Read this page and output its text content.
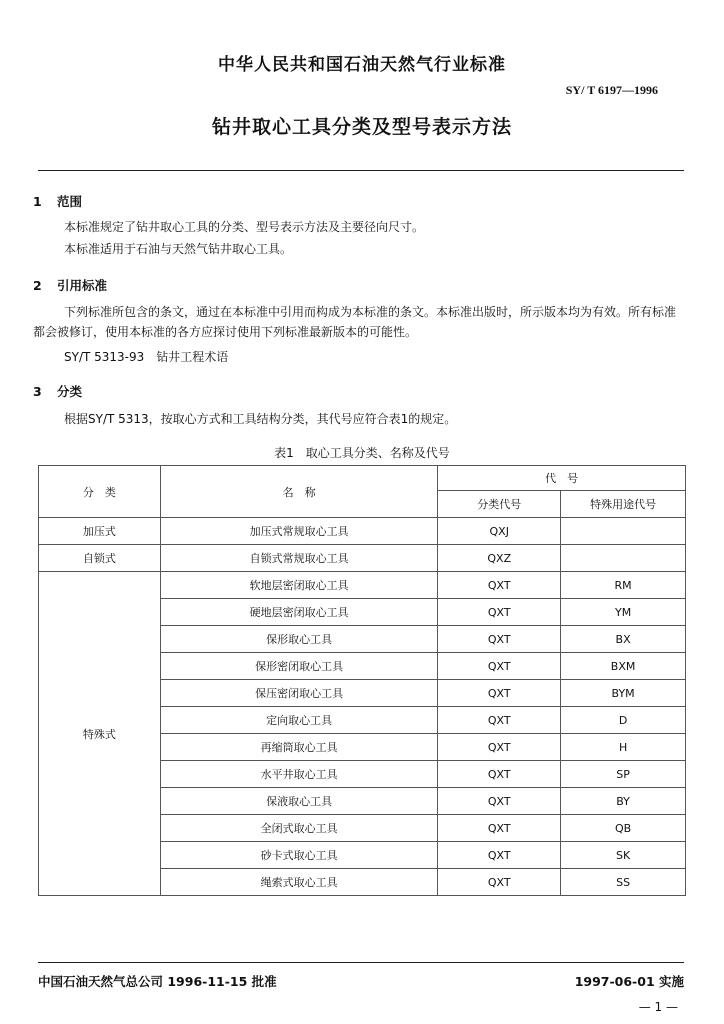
中华人民共和国石油天然气行业标准
SY/ T 6197—1996
钻井取心工具分类及型号表示方法
1 范围
本标准规定了钻井取心工具的分类、型号表示方法及主要径向尺寸。
本标准适用于石油与天然气钻井取心工具。
2 引用标准
下列标准所包含的条文，通过在本标准中引用而构成为本标准的条文。本标准出版时，所示版本均为有效。所有标准都会被修订，使用本标准的各方应探讨使用下列标准最新版本的可能性。
SY/T 5313-93　钻井工程术语
3 分类
根据SY/T 5313，按取心方式和工具结构分类，其代号应符合表1的规定。
表1　取心工具分类、名称及代号
分　类	名　称	代　号	
		分类代号	特殊用途代号
加压式	加压式常规取心工具	QXJ	
自锁式	自锁式常规取心工具	QXZ	
特殊式	软地层密闭取心工具	QXT	RM
	硬地层密闭取心工具	QXT	YM
	保形取心工具	QXT	BX
	保形密闭取心工具	QXT	BXM
	保压密闭取心工具	QXT	BYM
	定向取心工具	QXT	D
	再缩筒取心工具	QXT	H
	水平井取心工具	QXT	SP
	保液取心工具	QXT	BY
	全闭式取心工具	QXT	QB
	砂卡式取心工具	QXT	SK
	绳索式取心工具	QXT	SS
中国石油天然气总公司 1996-11-15 批准	1997-06-01 实施
— 1 —
